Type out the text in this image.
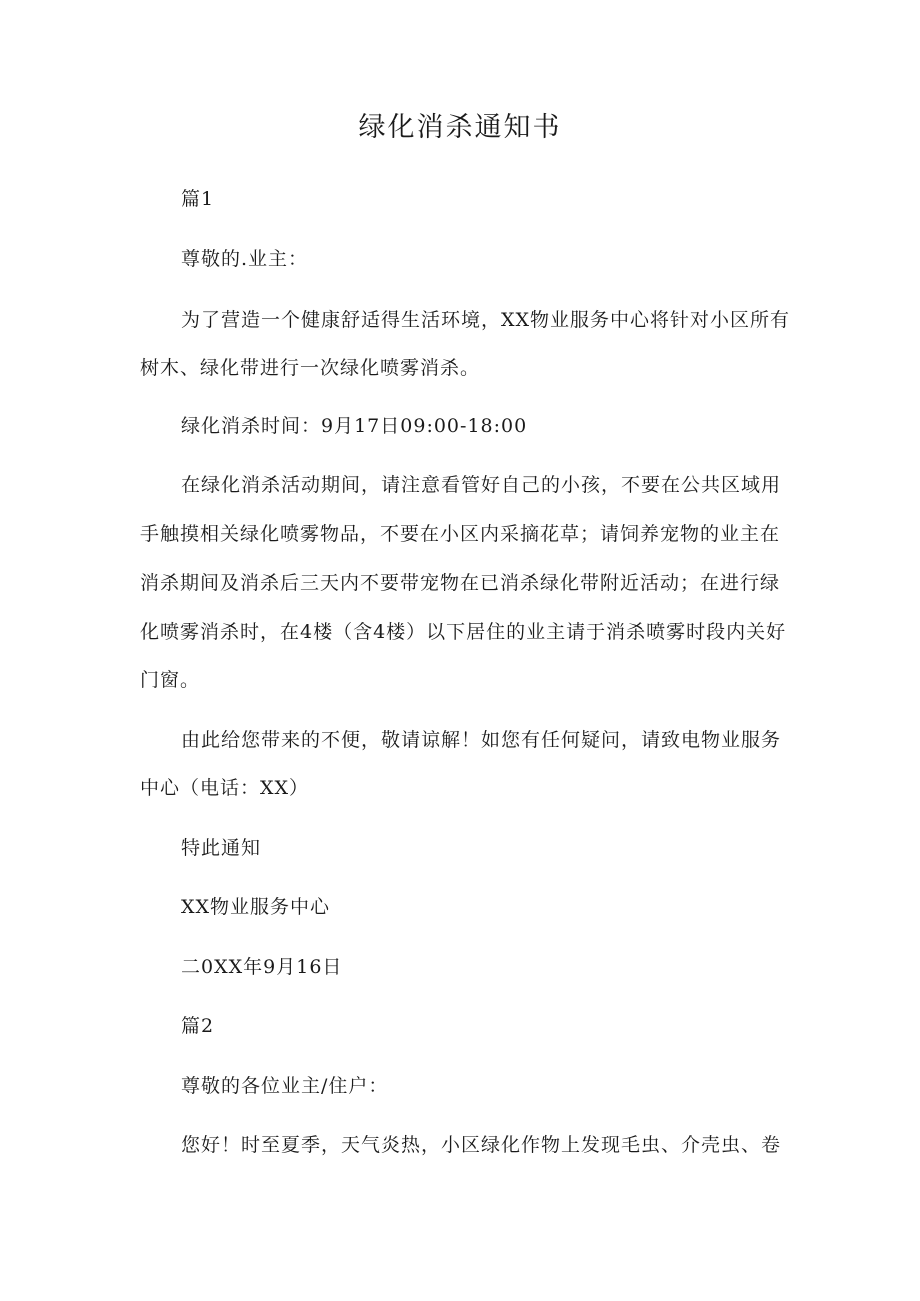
绿化消杀通知书
篇1
尊敬的.业主：
为了营造一个健康舒适得生活环境，XX物业服务中心将针对小区所有
树木、绿化带进行一次绿化喷雾消杀。
绿化消杀时间：9月17日09:00-18:00
在绿化消杀活动期间，请注意看管好自己的小孩，不要在公共区域用
手触摸相关绿化喷雾物品，不要在小区内采摘花草；请饲养宠物的业主在
消杀期间及消杀后三天内不要带宠物在已消杀绿化带附近活动；在进行绿
化喷雾消杀时，在4楼（含4楼）以下居住的业主请于消杀喷雾时段内关好
门窗。
由此给您带来的不便，敬请谅解！如您有任何疑问，请致电物业服务
中心（电话：XX）
特此通知
XX物业服务中心
二0XX年9月16日
篇2
尊敬的各位业主/住户：
您好！时至夏季，天气炎热，小区绿化作物上发现毛虫、介壳虫、卷
